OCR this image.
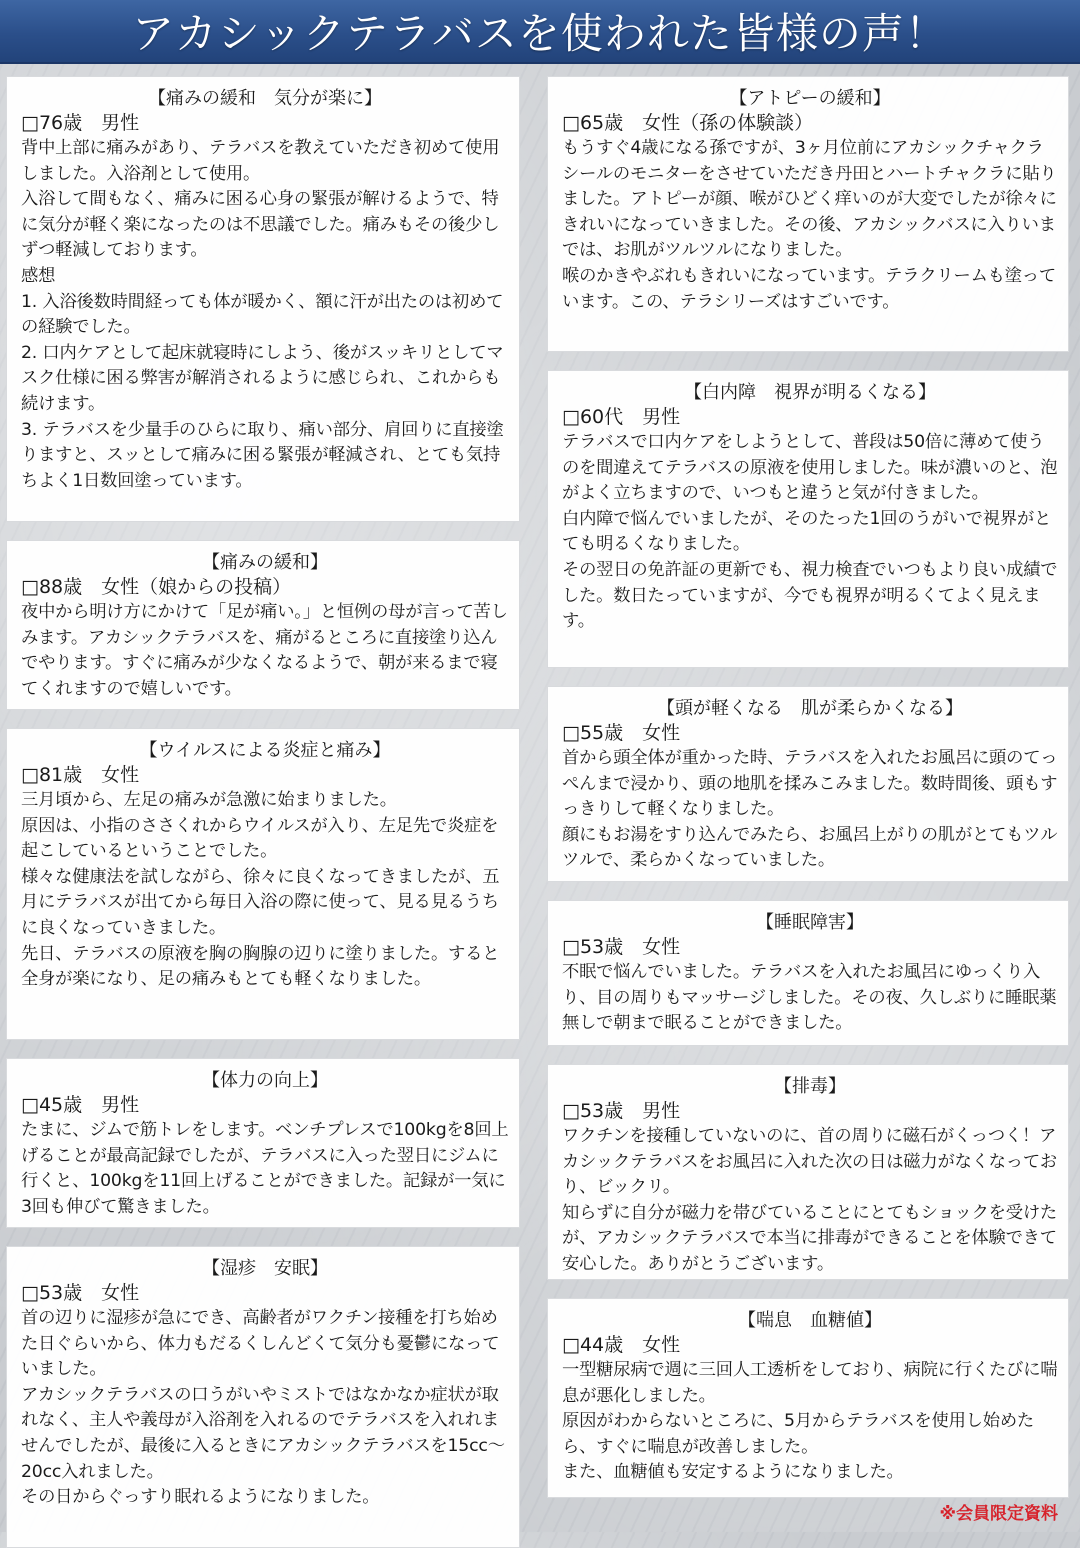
アカシックテラバスを使われた皆様の声！
【痛みの緩和　気分が楽に】
□76歳　男性

背中上部に痛みがあり、テラバスを教えていただき初めて使用しました。入浴剤として使用。

入浴して間もなく、痛みに困る心身の緊張が解けるようで、特に気分が軽く楽になったのは不思議でした。痛みもその後少しずつ軽減しております。

感想

1. 入浴後数時間経っても体が暖かく、額に汗が出たのは初めての経験でした。

2. 口内ケアとして起床就寝時にしよう、後がスッキリとしてマスク仕様に困る弊害が解消されるように感じられ、これからも続けます。

3. テラバスを少量手のひらに取り、痛い部分、肩回りに直接塗りますと、スッとして痛みに困る緊張が軽減され、とても気持ちよく1日数回塗っています。

【痛みの緩和】
□88歳　女性（娘からの投稿）

夜中から明け方にかけて「足が痛い。」と恒例の母が言って苦しみます。アカシックテラバスを、痛がるところに直接塗り込んでやります。すぐに痛みが少なくなるようで、朝が来るまで寝てくれますので嬉しいです。

【ウイルスによる炎症と痛み】
□81歳　女性

三月頃から、左足の痛みが急激に始まりました。

原因は、小指のささくれからウイルスが入り、左足先で炎症を起こしているということでした。

様々な健康法を試しながら、徐々に良くなってきましたが、五月にテラバスが出てから毎日入浴の際に使って、見る見るうちに良くなっていきました。

先日、テラバスの原液を胸の胸腺の辺りに塗りました。すると全身が楽になり、足の痛みもとても軽くなりました。

【体力の向上】
□45歳　男性

たまに、ジムで筋トレをします。ベンチプレスで100kgを8回上げることが最高記録でしたが、テラバスに入った翌日にジムに行くと、100kgを11回上げることができました。記録が一気に3回も伸びて驚きました。

【湿疹　安眠】
□53歳　女性

首の辺りに湿疹が急にでき、高齢者がワクチン接種を打ち始めた日ぐらいから、体力もだるくしんどくて気分も憂鬱になっていました。

アカシックテラバスの口うがいやミストではなかなか症状が取れなく、主人や義母が入浴剤を入れるのでテラバスを入れれませんでしたが、最後に入るときにアカシックテラバスを15cc～20cc入れました。

その日からぐっすり眠れるようになりました。

【アトピーの緩和】
□65歳　女性（孫の体験談）

もうすぐ4歳になる孫ですが、3ヶ月位前にアカシックチャクラシールのモニターをさせていただき丹田とハートチャクラに貼りました。アトピーが顔、喉がひどく痒いのが大変でしたが徐々にきれいになっていきました。その後、アカシックバスに入りいまでは、お肌がツルツルになりました。

喉のかきやぶれもきれいになっています。テラクリームも塗っています。この、テラシリーズはすごいです。

【白内障　視界が明るくなる】
□60代　男性

テラバスで口内ケアをしようとして、普段は50倍に薄めて使うのを間違えてテラバスの原液を使用しました。味が濃いのと、泡がよく立ちますので、いつもと違うと気が付きました。

白内障で悩んでいましたが、そのたった1回のうがいで視界がとても明るくなりました。

その翌日の免許証の更新でも、視力検査でいつもより良い成績でした。数日たっていますが、今でも視界が明るくてよく見えます。

【頭が軽くなる　肌が柔らかくなる】
□55歳　女性

首から頭全体が重かった時、テラバスを入れたお風呂に頭のてっぺんまで浸かり、頭の地肌を揉みこみました。数時間後、頭もすっきりして軽くなりました。

顔にもお湯をすり込んでみたら、お風呂上がりの肌がとてもツルツルで、柔らかくなっていました。

【睡眠障害】
□53歳　女性

不眠で悩んでいました。テラバスを入れたお風呂にゆっくり入り、目の周りもマッサージしました。その夜、久しぶりに睡眠薬無しで朝まで眠ることができました。

【排毒】
□53歳　男性

ワクチンを接種していないのに、首の周りに磁石がくっつく！アカシックテラバスをお風呂に入れた次の日は磁力がなくなっており、ビックリ。

知らずに自分が磁力を帯びていることにとてもショックを受けたが、アカシックテラバスで本当に排毒ができることを体験できて安心した。ありがとうございます。

【喘息　血糖値】
□44歳　女性

一型糖尿病で週に三回人工透析をしており、病院に行くたびに喘息が悪化しました。

原因がわからないところに、5月からテラバスを使用し始めたら、すぐに喘息が改善しました。

また、血糖値も安定するようになりました。

※会員限定資料
